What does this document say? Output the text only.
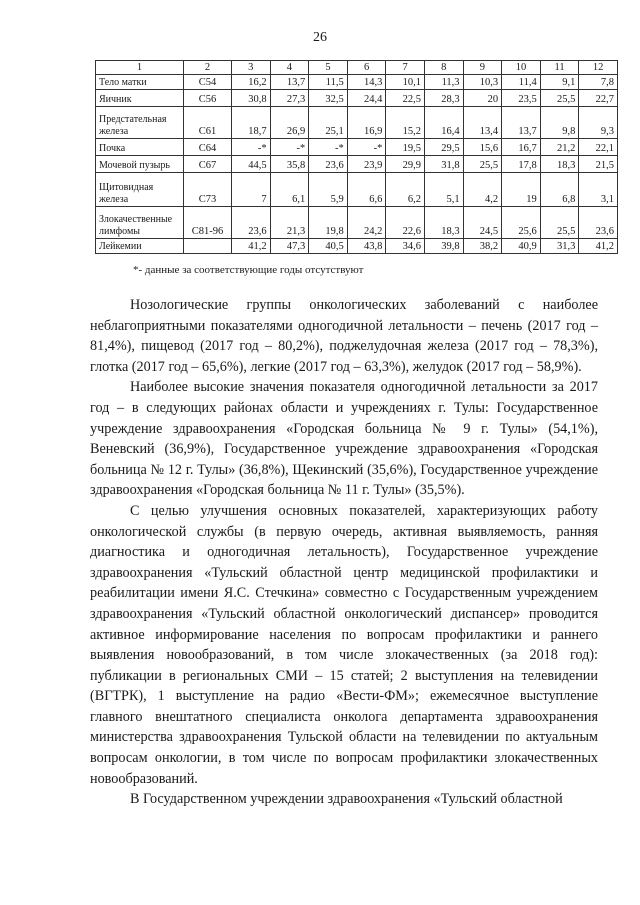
26
1	2	3	4	5	6	7	8	9	10	11	12
Тело матки	C54	16,2	13,7	11,5	14,3	10,1	11,3	10,3	11,4	9,1	7,8
Яичник	C56	30,8	27,3	32,5	24,4	22,5	28,3	20	23,5	25,5	22,7
Предстательная железа	C61	18,7	26,9	25,1	16,9	15,2	16,4	13,4	13,7	9,8	9,3
Почка	C64	-*	-*	-*	-*	19,5	29,5	15,6	16,7	21,2	22,1
Мочевой пузырь	C67	44,5	35,8	23,6	23,9	29,9	31,8	25,5	17,8	18,3	21,5
Щитовидная железа	C73	7	6,1	5,9	6,6	6,2	5,1	4,2	19	6,8	3,1
Злокачественные лимфомы	C81-96	23,6	21,3	19,8	24,2	22,6	18,3	24,5	25,6	25,5	23,6
Лейкемии		41,2	47,3	40,5	43,8	34,6	39,8	38,2	40,9	31,3	41,2
*- данные за соответствующие годы отсутствуют

Нозологические группы онкологических заболеваний с наиболее неблагоприятными показателями одногодичной летальности – печень (2017 год – 81,4%), пищевод (2017 год – 80,2%), поджелудочная железа (2017 год – 78,3%), глотка (2017 год – 65,6%), легкие (2017 год – 63,3%), желудок (2017 год – 58,9%).

Наиболее высокие значения показателя одногодичной летальности за 2017 год – в следующих районах области и учреждениях г. Тулы: Государственное учреждение здравоохранения «Городская больница № 9 г. Тулы» (54,1%), Веневский (36,9%), Государственное учреждение здравоохранения «Городская больница № 12 г. Тулы» (36,8%), Щекинский (35,6%), Государственное учреждение здравоохранения «Городская больница № 11 г. Тулы» (35,5%).

С целью улучшения основных показателей, характеризующих работу онкологической службы (в первую очередь, активная выявляемость, ранняя диагностика и одногодичная летальность), Государственное учреждение здравоохранения «Тульский областной центр медицинской профилактики и реабилитации имени Я.С. Стечкина» совместно с Государственным учреждением здравоохранения «Тульский областной онкологический диспансер» проводится активное информирование населения по вопросам профилактики и раннего выявления новообразований, в том числе злокачественных (за 2018 год): публикации в региональных СМИ – 15 статей; 2 выступления на телевидении (ВГТРК), 1 выступление на радио «Вести-ФМ»; ежемесячное выступление главного внештатного специалиста онколога департамента здравоохранения министерства здравоохранения Тульской области на телевидении по актуальным вопросам онкологии, в том числе по вопросам профилактики злокачественных новообразований.

В Государственном учреждении здравоохранения «Тульский областной
